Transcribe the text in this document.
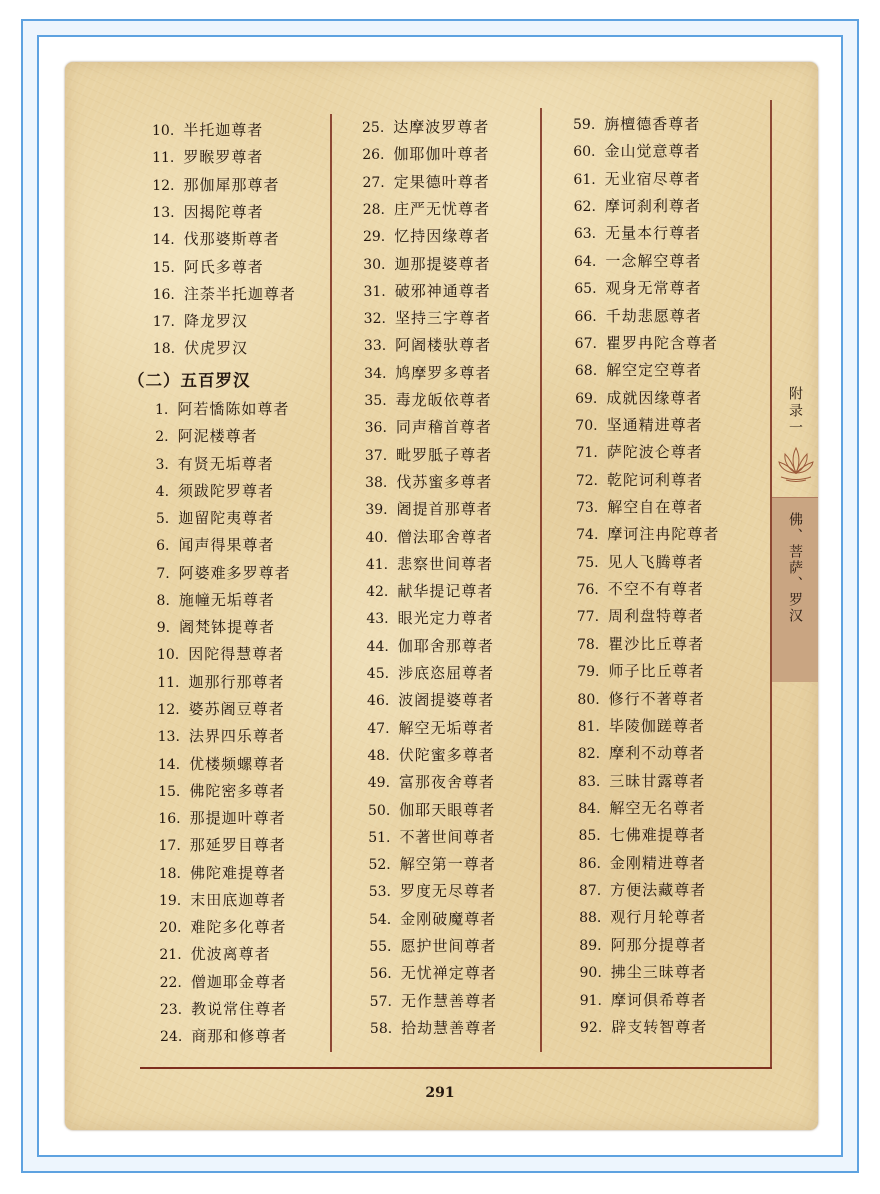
（二）五百罗汉
10. 半托迦尊者
11. 罗睺罗尊者
12. 那伽犀那尊者
13. 因揭陀尊者
14. 伐那婆斯尊者
15. 阿氏多尊者
16. 注荼半托迦尊者
17. 降龙罗汉
18. 伏虎罗汉
1. 阿若憍陈如尊者
2. 阿泥楼尊者
3. 有贤无垢尊者
4. 须跋陀罗尊者
5. 迦留陀夷尊者
6. 闻声得果尊者
7. 阿婆难多罗尊者
8. 施幢无垢尊者
9. 阇梵钵提尊者
10. 因陀得慧尊者
11. 迦那行那尊者
12. 婆苏阇豆尊者
13. 法界四乐尊者
14. 优楼频螺尊者
15. 佛陀密多尊者
16. 那提迦叶尊者
17. 那延罗目尊者
18. 佛陀难提尊者
19. 末田底迦尊者
20. 难陀多化尊者
21. 优波离尊者
22. 僧迦耶金尊者
23. 教说常住尊者
24. 商那和修尊者
25. 达摩波罗尊者
26. 伽耶伽叶尊者
27. 定果德叶尊者
28. 庄严无忧尊者
29. 忆持因缘尊者
30. 迦那提婆尊者
31. 破邪神通尊者
32. 坚持三字尊者
33. 阿阇楼驮尊者
34. 鸠摩罗多尊者
35. 毒龙皈依尊者
36. 同声稽首尊者
37. 毗罗胝子尊者
38. 伐苏蜜多尊者
39. 阇提首那尊者
40. 僧法耶舍尊者
41. 悲察世间尊者
42. 献华提记尊者
43. 眼光定力尊者
44. 伽耶舍那尊者
45. 涉底恣屈尊者
46. 波阇提婆尊者
47. 解空无垢尊者
48. 伏陀蜜多尊者
49. 富那夜舍尊者
50. 伽耶天眼尊者
51. 不著世间尊者
52. 解空第一尊者
53. 罗度无尽尊者
54. 金刚破魔尊者
55. 愿护世间尊者
56. 无忧禅定尊者
57. 无作慧善尊者
58. 拾劫慧善尊者
59. 旃檀德香尊者
60. 金山觉意尊者
61. 无业宿尽尊者
62. 摩诃刹利尊者
63. 无量本行尊者
64. 一念解空尊者
65. 观身无常尊者
66. 千劫悲愿尊者
67. 瞿罗冉陀含尊者
68. 解空定空尊者
69. 成就因缘尊者
70. 坚通精进尊者
71. 萨陀波仑尊者
72. 乾陀诃利尊者
73. 解空自在尊者
74. 摩诃注冉陀尊者
75. 见人飞腾尊者
76. 不空不有尊者
77. 周利盘特尊者
78. 瞿沙比丘尊者
79. 师子比丘尊者
80. 修行不著尊者
81. 毕陵伽蹉尊者
82. 摩利不动尊者
83. 三昧甘露尊者
84. 解空无名尊者
85. 七佛难提尊者
86. 金刚精进尊者
87. 方便法藏尊者
88. 观行月轮尊者
89. 阿那分提尊者
90. 拂尘三昧尊者
91. 摩诃俱希尊者
92. 辟支转智尊者
附录一
佛、菩萨、罗汉
291
